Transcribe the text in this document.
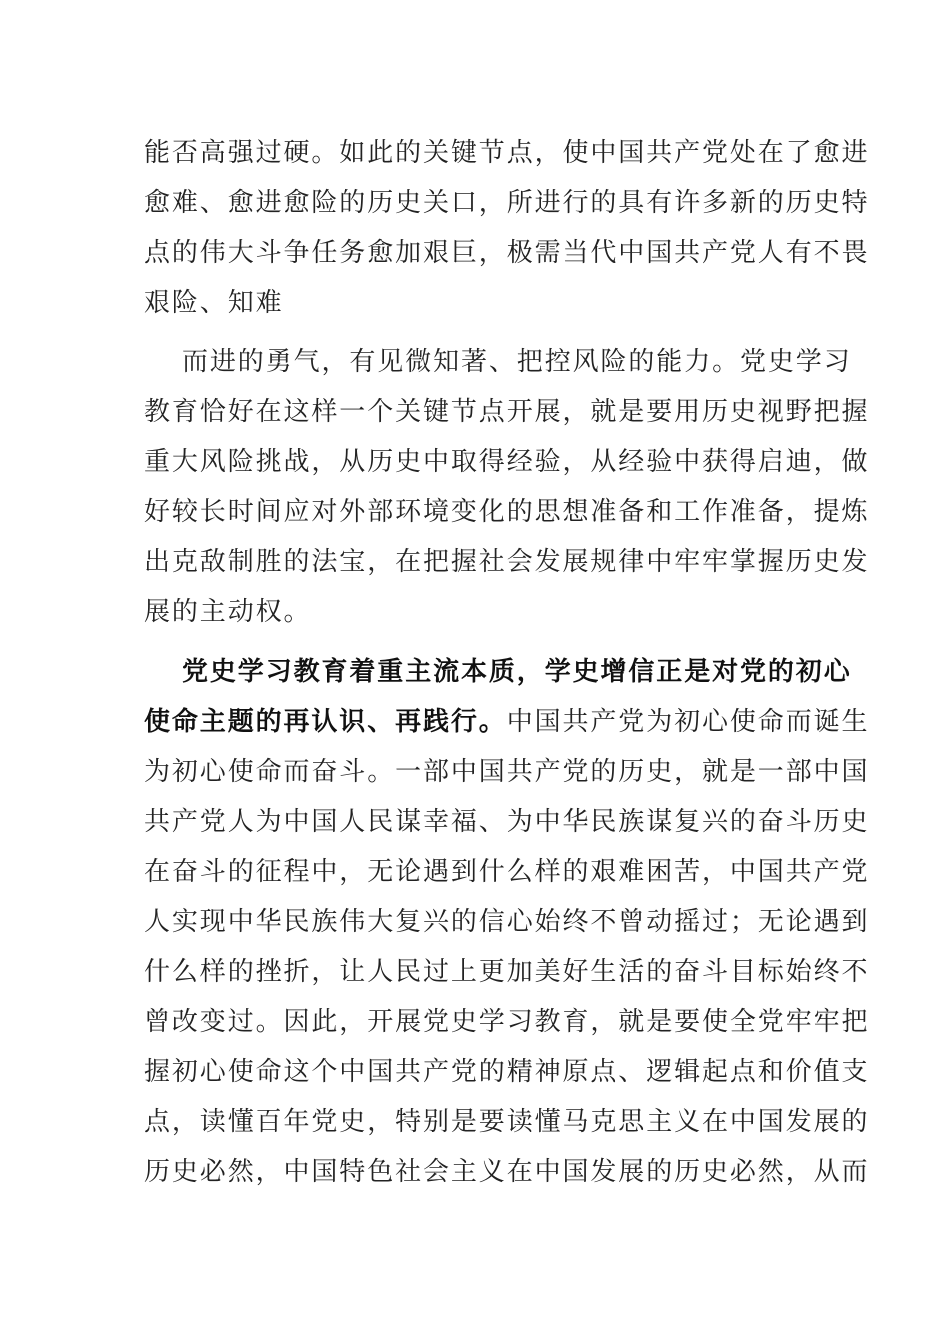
能否高强过硬。如此的关键节点，使中国共产党处在了愈进
愈难、愈进愈险的历史关口，所进行的具有许多新的历史特
点的伟大斗争任务愈加艰巨，极需当代中国共产党人有不畏
艰险、知难
而进的勇气，有见微知著、把控风险的能力。党史学习
教育恰好在这样一个关键节点开展，就是要用历史视野把握
重大风险挑战，从历史中取得经验，从经验中获得启迪，做
好较长时间应对外部环境变化的思想准备和工作准备，提炼
出克敌制胜的法宝，在把握社会发展规律中牢牢掌握历史发
展的主动权。
党史学习教育着重主流本质，学史增信正是对党的初心
使命主题的再认识、再践行。中国共产党为初心使命而诞生
为初心使命而奋斗。一部中国共产党的历史，就是一部中国
共产党人为中国人民谋幸福、为中华民族谋复兴的奋斗历史
在奋斗的征程中，无论遇到什么样的艰难困苦，中国共产党
人实现中华民族伟大复兴的信心始终不曾动摇过；无论遇到
什么样的挫折，让人民过上更加美好生活的奋斗目标始终不
曾改变过。因此，开展党史学习教育，就是要使全党牢牢把
握初心使命这个中国共产党的精神原点、逻辑起点和价值支
点，读懂百年党史，特别是要读懂马克思主义在中国发展的
历史必然，中国特色社会主义在中国发展的历史必然，从而
